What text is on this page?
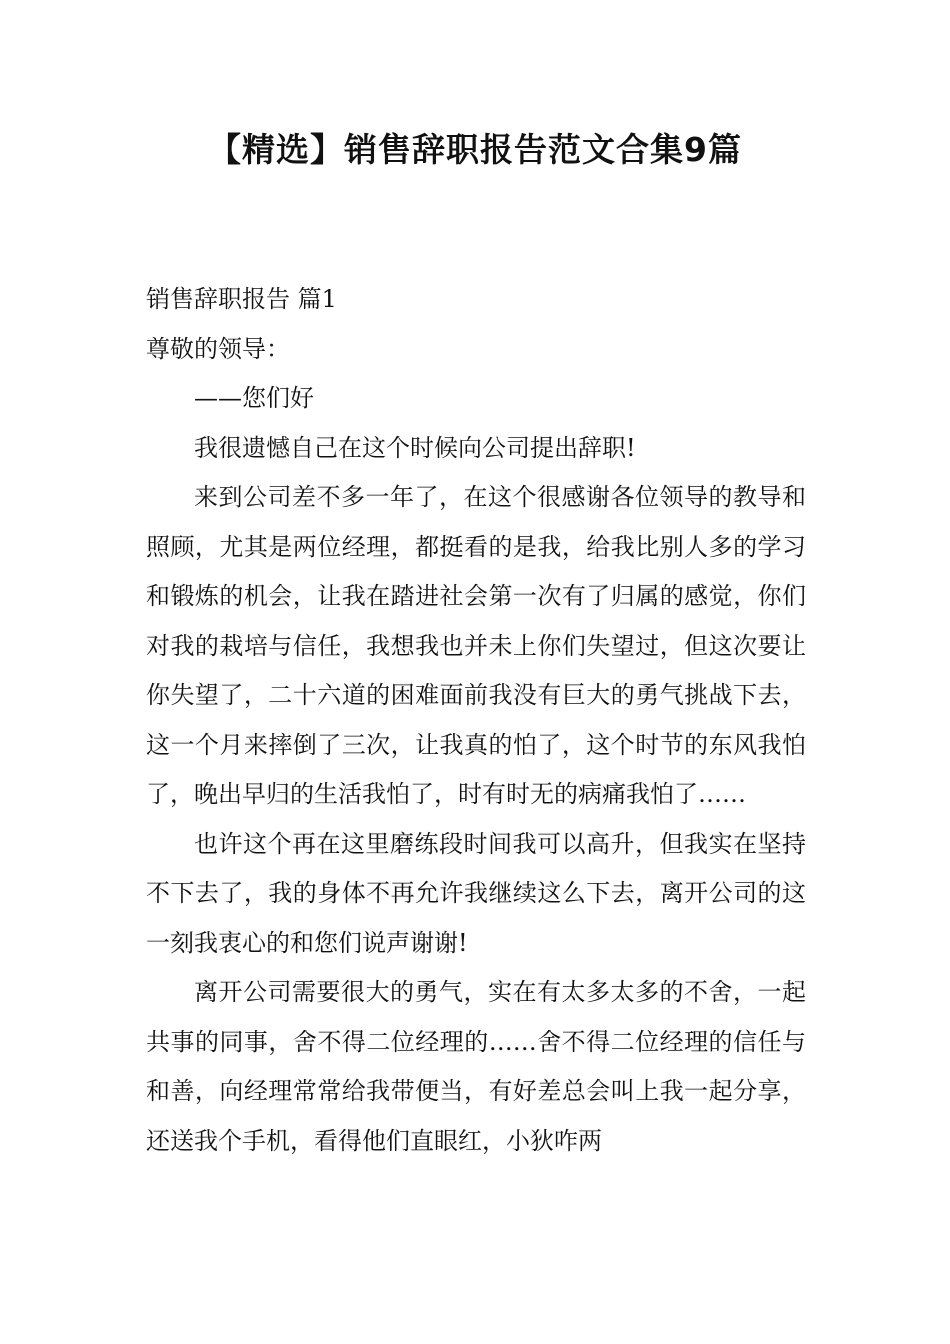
【精选】销售辞职报告范文合集9篇

销售辞职报告 篇1

尊敬的领导：

——您们好

我很遗憾自己在这个时候向公司提出辞职!

来到公司差不多一年了，在这个很感谢各位领导的教导和照顾，尤其是两位经理，都挺看的是我，给我比别人多的学习和锻炼的机会，让我在踏进社会第一次有了归属的感觉，你们对我的栽培与信任，我想我也并未上你们失望过，但这次要让你失望了，二十六道的困难面前我没有巨大的勇气挑战下去，这一个月来摔倒了三次，让我真的怕了，这个时节的东风我怕了，晚出早归的生活我怕了，时有时无的病痛我怕了……

也许这个再在这里磨练段时间我可以高升，但我实在坚持不下去了，我的身体不再允许我继续这么下去，离开公司的这一刻我衷心的和您们说声谢谢!

离开公司需要很大的勇气，实在有太多太多的不舍，一起共事的同事，舍不得二位经理的……舍不得二位经理的信任与和善，向经理常常给我带便当，有好差总会叫上我一起分享，还送我个手机，看得他们直眼红，小狄咋两
